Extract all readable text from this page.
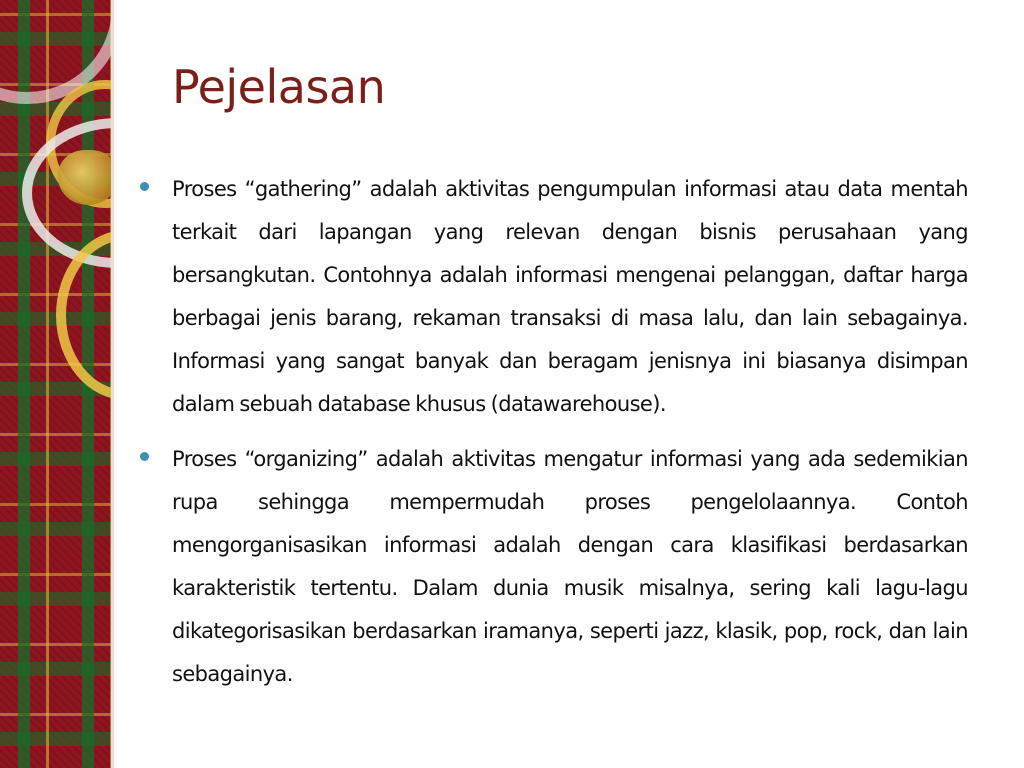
Pejelasan
Proses “gathering” adalah aktivitas pengumpulan informasi atau data mentah terkait dari lapangan yang relevan dengan bisnis perusahaan yang bersangkutan. Contohnya adalah informasi mengenai pelanggan, daftar harga berbagai jenis barang, rekaman transaksi di masa lalu, dan lain sebagainya. Informasi yang sangat banyak dan beragam jenisnya ini biasanya disimpan dalam sebuah database khusus (datawarehouse).
Proses “organizing” adalah aktivitas mengatur informasi yang ada sedemikian rupa sehingga mempermudah proses pengelolaannya. Contoh mengorganisasikan informasi adalah dengan cara klasifikasi berdasarkan karakteristik tertentu. Dalam dunia musik misalnya, sering kali lagu-lagu dikategorisasikan berdasarkan iramanya, seperti jazz, klasik, pop, rock, dan lain sebagainya.
